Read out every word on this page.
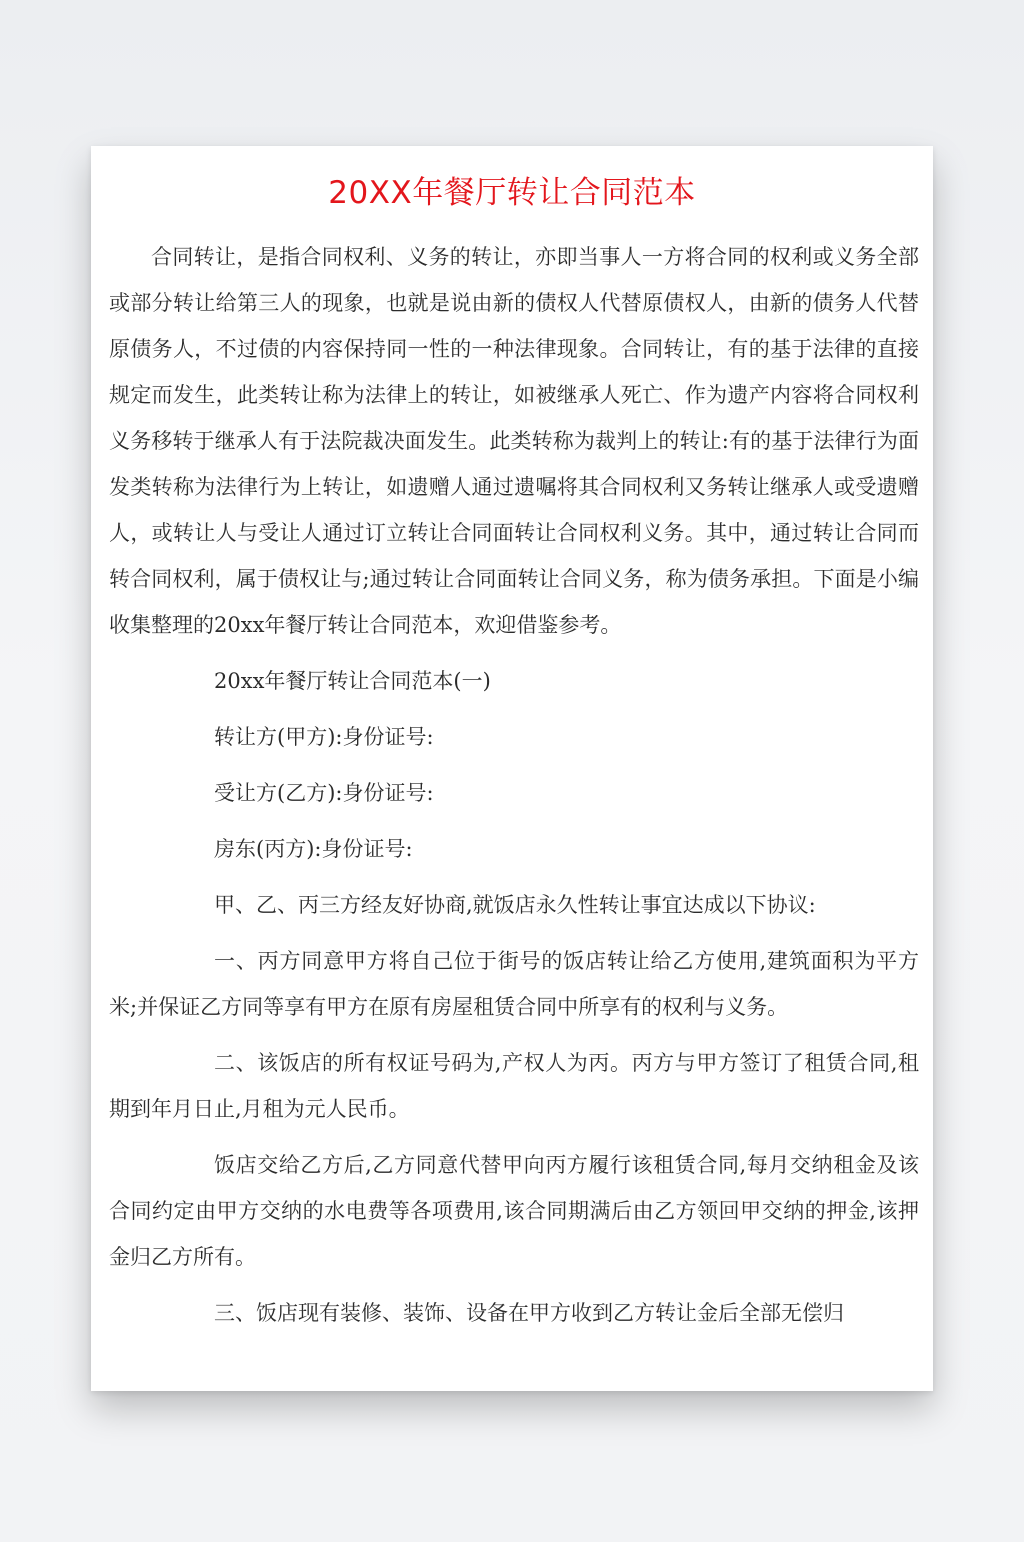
20XX年餐厅转让合同范本

合同转让，是指合同权利、义务的转让，亦即当事人一方将合同的权利或义务全部或部分转让给第三人的现象，也就是说由新的债权人代替原债权人，由新的债务人代替原债务人，不过债的内容保持同一性的一种法律现象。合同转让，有的基于法律的直接规定而发生，此类转让称为法律上的转让，如被继承人死亡、作为遗产内容将合同权利义务移转于继承人有于法院裁决面发生。此类转称为裁判上的转让:有的基于法律行为面发类转称为法律行为上转让，如遗赠人通过遗嘱将其合同权利又务转让继承人或受遗赠人，或转让人与受让人通过订立转让合同面转让合同权利义务。其中，通过转让合同而转合同权利，属于债权让与;通过转让合同面转让合同义务，称为债务承担。下面是小编收集整理的20xx年餐厅转让合同范本，欢迎借鉴参考。

20xx年餐厅转让合同范本(一)

转让方(甲方):身份证号:

受让方(乙方):身份证号:

房东(丙方):身份证号:

甲、乙、丙三方经友好协商,就饭店永久性转让事宜达成以下协议:

一、丙方同意甲方将自己位于街号的饭店转让给乙方使用,建筑面积为平方米;并保证乙方同等享有甲方在原有房屋租赁合同中所享有的权利与义务。

二、该饭店的所有权证号码为,产权人为丙。丙方与甲方签订了租赁合同,租期到年月日止,月租为元人民币。

饭店交给乙方后,乙方同意代替甲向丙方履行该租赁合同,每月交纳租金及该合同约定由甲方交纳的水电费等各项费用,该合同期满后由乙方领回甲交纳的押金,该押金归乙方所有。

三、饭店现有装修、装饰、设备在甲方收到乙方转让金后全部无偿归
